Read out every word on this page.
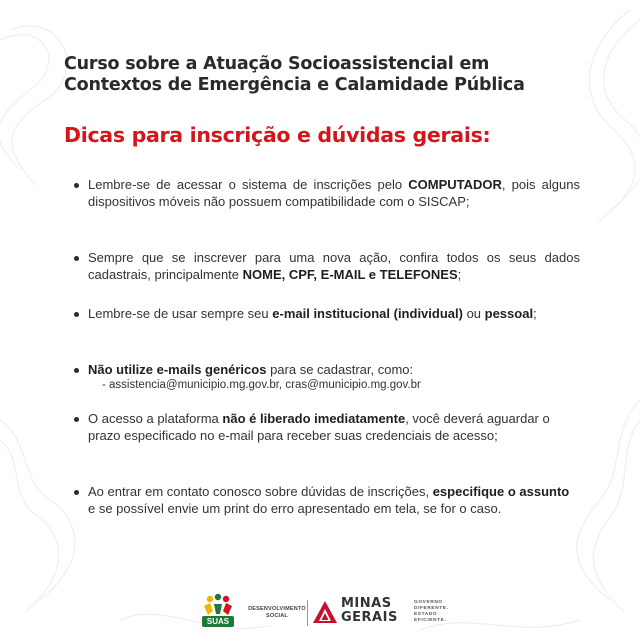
Curso sobre a Atuação Socioassistencial em
Contextos de Emergência e Calamidade Pública
Dicas para inscrição e dúvidas gerais:
Lembre-se de acessar o sistema de inscrições pelo COMPUTADOR, pois alguns dispositivos móveis não possuem compatibilidade com o SISCAP;
Sempre que se inscrever para uma nova ação, confira todos os seus dados cadastrais, principalmente NOME, CPF, E-MAIL e TELEFONES;
Lembre-se de usar sempre seu e-mail institucional (individual) ou pessoal;
Não utilize e-mails genéricos para se cadastrar, como:
- assistencia@municipio.mg.gov.br, cras@municipio.mg.gov.br
O acesso a plataforma não é liberado imediatamente, você deverá aguardar o prazo especificado no e-mail para receber suas credenciais de acesso;
Ao entrar em contato conosco sobre dúvidas de inscrições, especifique o assunto e se possível envie um print do erro apresentado em tela, se for o caso.
SUAS
DESENVOLVIMENTO
SOCIAL
MINAS
GERAIS
GOVERNO
DIFERENTE.
ESTADO
EFICIENTE.
